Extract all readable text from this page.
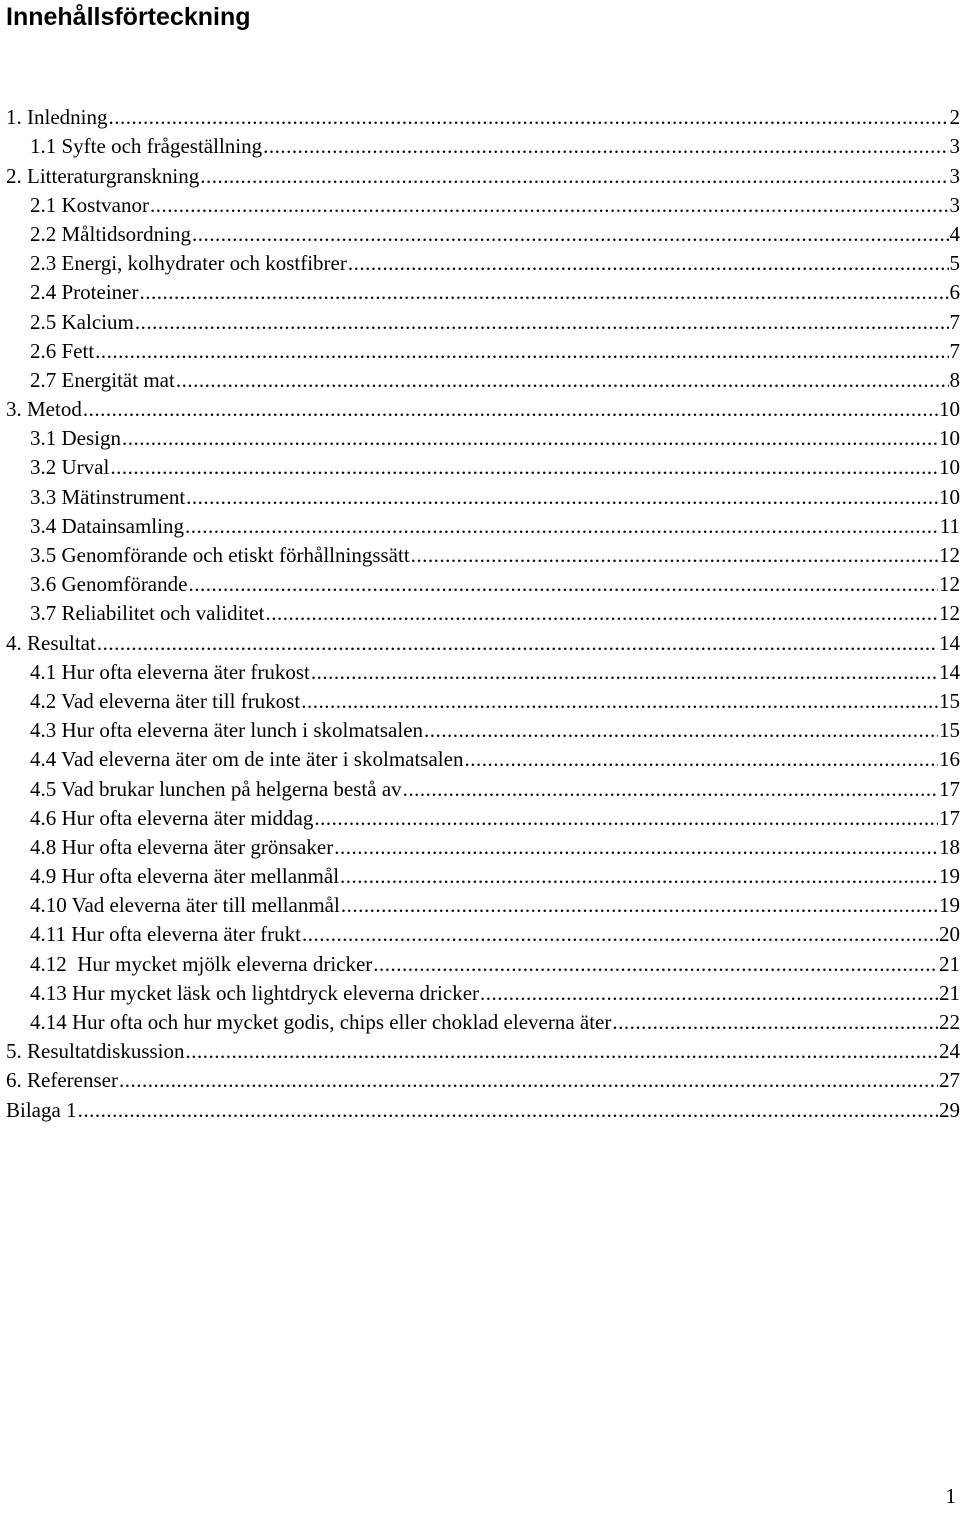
Innehållsförteckning
1. Inledning .....	2
1.1 Syfte och frågeställning .....	3
2. Litteraturgranskning .....	3
2.1 Kostvanor .....	3
2.2 Måltidsordning .....	4
2.3 Energi, kolhydrater och kostfibrer .....	5
2.4 Proteiner .....	6
2.5 Kalcium .....	7
2.6 Fett .....	7
2.7 Energität mat .....	8
3. Metod .....	10
3.1 Design .....	10
3.2 Urval .....	10
3.3 Mätinstrument .....	10
3.4 Datainsamling .....	11
3.5 Genomförande och etiskt förhållningssätt .....	12
3.6 Genomförande .....	12
3.7 Reliabilitet och validitet .....	12
4. Resultat .....	14
4.1 Hur ofta eleverna äter frukost .....	14
4.2 Vad eleverna äter till frukost .....	15
4.3 Hur ofta eleverna äter lunch i skolmatsalen .....	15
4.4 Vad eleverna äter om de inte äter i skolmatsalen .....	16
4.5 Vad brukar lunchen på helgerna bestå av .....	17
4.6 Hur ofta eleverna äter middag .....	17
4.8 Hur ofta eleverna äter grönsaker .....	18
4.9 Hur ofta eleverna äter mellanmål .....	19
4.10 Vad eleverna äter till mellanmål .....	19
4.11 Hur ofta eleverna äter frukt .....	20
4.12  Hur mycket mjölk eleverna dricker .....	21
4.13 Hur mycket läsk och lightdryck eleverna dricker .....	21
4.14 Hur ofta och hur mycket godis, chips eller choklad eleverna äter .....	22
5. Resultatdiskussion .....	24
6. Referenser .....	27
Bilaga 1 .....	29
1
